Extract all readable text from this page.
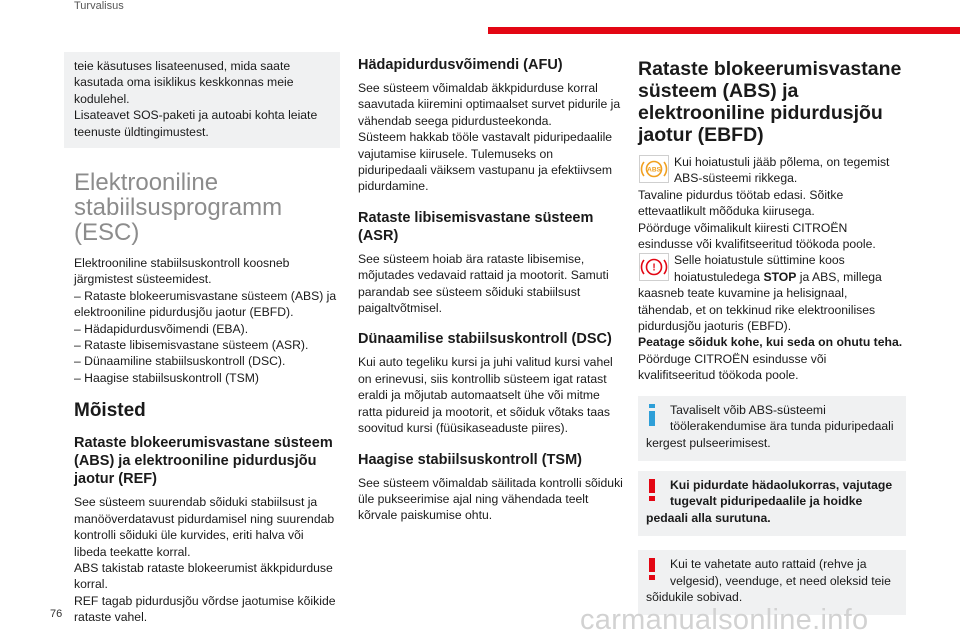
Turvalisus

teie käsutuses lisateenused, mida saate

kasutada oma isiklikus keskkonnas meie

kodulehel.

Lisateavet SOS-paketi ja autoabi kohta leiate

teenuste üldtingimustest.

Elektrooniline stabiilsusprogramm (ESC)

Elektrooniline stabiilsuskontroll koosneb

järgmistest süsteemidest.

– Rataste blokeerumisvastane süsteem (ABS) ja

elektrooniline pidurdusjõu jaotur (EBFD).

– Hädapidurdusvõimendi (EBA).

– Rataste libisemisvastane süsteem (ASR).

– Dünaamiline stabiilsuskontroll (DSC).

– Haagise stabiilsuskontroll (TSM)

Mõisted
Rataste blokeerumisvastane süsteem (ABS) ja elektrooniline pidurdusjõu jaotur (REF)

See süsteem suurendab sõiduki stabiilsust ja

manööverdatavust pidurdamisel ning suurendab

kontrolli sõiduki üle kurvides, eriti halva või

libeda teekatte korral.

ABS takistab rataste blokeerumist äkkpidurduse

korral.

REF tagab pidurdusjõu võrdse jaotumise kõikide

rataste vahel.

Hädapidurdusvõimendi (AFU)

See süsteem võimaldab äkkpidurduse korral

saavutada kiiremini optimaalset survet pidurile ja

vähendab seega pidurdusteekonda.

Süsteem hakkab tööle vastavalt piduripedaalile

vajutamise kiirusele. Tulemuseks on

piduripedaali väiksem vastupanu ja efektiivsem

pidurdamine.

Rataste libisemisvastane süsteem (ASR)

See süsteem hoiab ära rataste libisemise,

mõjutades vedavaid rattaid ja mootorit. Samuti

parandab see süsteem sõiduki stabiilsust

paigaltvõtmisel.

Dünaamilise stabiilsuskontroll (DSC)

Kui auto tegeliku kursi ja juhi valitud kursi vahel

on erinevusi, siis kontrollib süsteem igat ratast

eraldi ja mõjutab automaatselt ühe või mitme

ratta pidureid ja mootorit, et sõiduk võtaks taas

soovitud kursi (füüsikaseaduste piires).

Haagise stabiilsuskontroll (TSM)

See süsteem võimaldab säilitada kontrolli sõiduki

üle pukseerimise ajal ning vähendada teelt

kõrvale paiskumise ohtu.

Rataste blokeerumisvastane süsteem (ABS) ja elektrooniline pidurdusjõu jaotur (EBFD)
ABS

Kui hoiatustuli jääb põlema, on tegemist

ABS-süsteemi rikkega.

Tavaline pidurdus töötab edasi. Sõitke

ettevaatlikult mõõduka kiirusega.

Pöörduge võimalikult kiiresti CITROËN

esindusse või kvalifitseeritud töökoda poole.

!

Selle hoiatustule süttimine koos

hoiatustuledega STOP ja ABS, millega

kaasneb teate kuvamine ja helisignaal,

tähendab, et on tekkinud rike elektroonilises

pidurdusjõu jaoturis (EBFD).

Peatage sõiduk kohe, kui seda on ohutu teha.

Pöörduge CITROËN esindusse või

kvalifitseeritud töökoda poole.

Tavaliselt võib ABS-süsteemi

töölerakendumise ära tunda piduripedaali

kergest pulseerimisest.

Kui pidurdate hädaolukorras, vajutage

tugevalt piduripedaalile ja hoidke

pedaali alla surutuna.

Kui te vahetate auto rattaid (rehve ja

velgesid), veenduge, et need oleksid teie

sõidukile sobivad.

76	carmanualsonline.info
